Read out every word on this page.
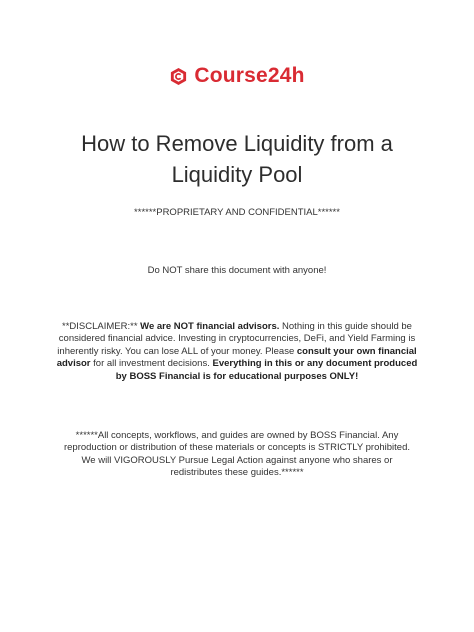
Course24h
How to Remove Liquidity from a
Liquidity Pool
******PROPRIETARY AND CONFIDENTIAL******
Do NOT share this document with anyone!

**DISCLAIMER:** We are NOT financial advisors. Nothing in this guide should be considered financial advice. Investing in cryptocurrencies, DeFi, and Yield Farming is inherently risky. You can lose ALL of your money. Please consult your own financial advisor for all investment decisions. Everything in this or any document produced by BOSS Financial is for educational purposes ONLY!

******All concepts, workflows, and guides are owned by BOSS Financial. Any reproduction or distribution of these materials or concepts is STRICTLY prohibited. We will VIGOROUSLY Pursue Legal Action against anyone who shares or redistributes these guides.******
